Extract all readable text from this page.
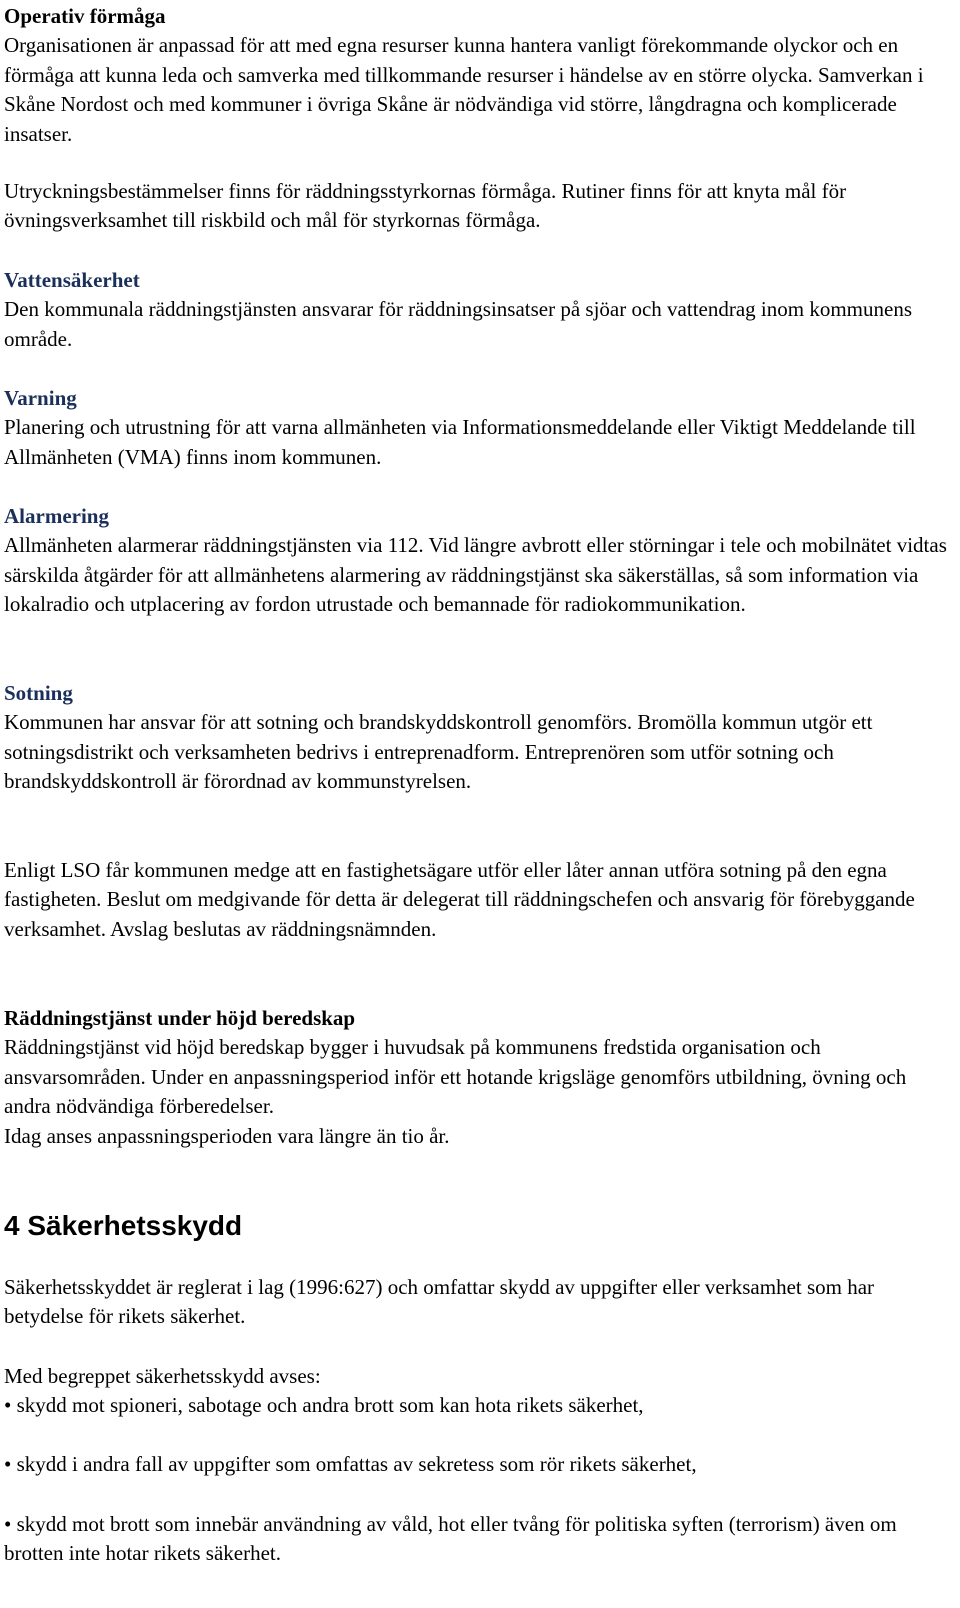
Operativ förmåga

Organisationen är anpassad för att med egna resurser kunna hantera vanligt förekommande olyckor och en förmåga att kunna leda och samverka med tillkommande resurser i händelse av en större olycka. Samverkan i Skåne Nordost och med kommuner i övriga Skåne är nödvändiga vid större, långdragna och komplicerade insatser.

Utryckningsbestämmelser finns för räddningsstyrkornas förmåga. Rutiner finns för att knyta mål för övningsverksamhet till riskbild och mål för styrkornas förmåga.

Vattensäkerhet

Den kommunala räddningstjänsten ansvarar för räddningsinsatser på sjöar och vattendrag inom kommunens område.

Varning

Planering och utrustning för att varna allmänheten via Informationsmeddelande eller Viktigt Meddelande till Allmänheten (VMA) finns inom kommunen.

Alarmering

Allmänheten alarmerar räddningstjänsten via 112. Vid längre avbrott eller störningar i tele och mobilnätet vidtas särskilda åtgärder för att allmänhetens alarmering av räddningstjänst ska säkerställas, så som information via lokalradio och utplacering av fordon utrustade och bemannade för radiokommunikation.

Sotning

Kommunen har ansvar för att sotning och brandskyddskontroll genomförs. Bromölla kommun utgör ett sotningsdistrikt och verksamheten bedrivs i entreprenadform. Entreprenören som utför sotning och brandskyddskontroll är förordnad av kommunstyrelsen.

Enligt LSO får kommunen medge att en fastighetsägare utför eller låter annan utföra sotning på den egna fastigheten. Beslut om medgivande för detta är delegerat till räddningschefen och ansvarig för förebyggande verksamhet. Avslag beslutas av räddningsnämnden.

Räddningstjänst under höjd beredskap

Räddningstjänst vid höjd beredskap bygger i huvudsak på kommunens fredstida organisation och ansvarsområden. Under en anpassningsperiod inför ett hotande krigsläge genomförs utbildning, övning och andra nödvändiga förberedelser.

Idag anses anpassningsperioden vara längre än tio år.

4 Säkerhetsskydd

Säkerhetsskyddet är reglerat i lag (1996:627) och omfattar skydd av uppgifter eller verksamhet som har betydelse för rikets säkerhet.

Med begreppet säkerhetsskydd avses:

• skydd mot spioneri, sabotage och andra brott som kan hota rikets säkerhet,

• skydd i andra fall av uppgifter som omfattas av sekretess som rör rikets säkerhet,

• skydd mot brott som innebär användning av våld, hot eller tvång för politiska syften (terrorism) även om brotten inte hotar rikets säkerhet.
